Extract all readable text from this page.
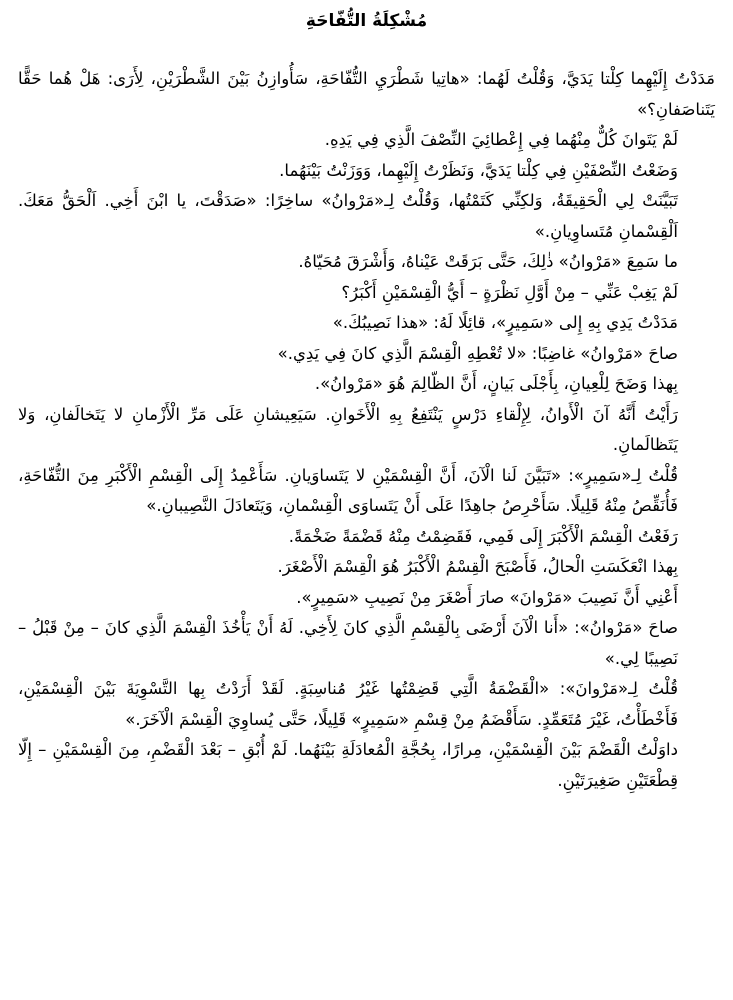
مُشْكِلَةُ التُّفّاحَةِ

مَدَدْتُ إِلَيْهِما كِلْتا يَدَيَّ، وَقُلْتُ لَهُما: «هاتِيا شَطْرَيِ التُّفّاحَةِ، سَأُوازِنُ بَيْنَ الشَّطْرَيْنِ، لِأَرَى: هَلْ هُما حَقًّا يَتَناصَفانِ؟»

لَمْ يَتَوانَ كُلٌّ مِنْهُما فِي إِعْطائِيَ النِّصْفَ الَّذِي فِي يَدِهِ.

وَضَعْتُ النِّصْفَيْنِ فِي كِلْتا يَدَيَّ، وَنَظَرْتُ إِلَيْهِما، وَوَزَنْتُ بَيْنَهُما.

تَبَيَّنَتْ لِي الْحَقِيقَةُ، وَلكِنِّي كَتَمْتُها، وَقُلْتُ لِـ«مَرْوانُ» ساخِرًا: «صَدَقْتَ، يا ابْنَ أَخِي. اَلْحَقُّ مَعَكَ. اَلْقِسْمانِ مُتَساوِيانِ.»

ما سَمِعَ «مَرْوانُ» ذٰلِكَ، حَتَّى بَرَقَتْ عَيْناهُ، وَأَشْرَقَ مُحَيّاهُ.

لَمْ يَغِبْ عَنِّي – مِنْ أَوَّلِ نَظْرَةٍ – أَيُّ الْقِسْمَيْنِ أَكْبَرُ؟

مَدَدْتُ يَدِي بِهِ إِلى «سَمِيرٍ»، قائِلًا لَهُ: «هذا نَصِيبُكَ.»

صاحَ «مَرْوانُ» غاضِبًا: «لا تُعْطِهِ الْقِسْمَ الَّذِي كانَ فِي يَدِي.»

بِهذا وَضَحَ لِلْعِيانِ، بِأَجْلَى بَيانٍ، أَنَّ الظّالِمَ هُوَ «مَرْوانُ».

رَأَيْتُ أَنَّهُ آنَ الْأَوانُ، لِإِلْقاءِ دَرْسٍ يَنْتَفِعُ بِهِ الْأَخَوانِ. سَيَعِيشانِ عَلَى مَرِّ الْأَزْمانِ لا يَتَخالَفانِ، وَلا يَتَظالَمانِ.

قُلْتُ لِـ«سَمِيرٍ»: «تَبَيَّنَ لَنا الْآنَ، أَنَّ الْقِسْمَيْنِ لا يَتَساوَيانِ. سَأَعْمِدُ إِلَى الْقِسْمِ الْأَكْبَرِ مِنَ التُّفّاحَةِ، فَأُنَقِّصُ مِنْهُ قَلِيلًا. سَأَحْرِصُ جاهِدًا عَلَى أَنْ يَتَساوَى الْقِسْمانِ، وَيَتَعادَلَ النَّصِيبانِ.»

رَفَعْتُ الْقِسْمَ الْأَكْبَرَ إِلَى فَمِي، فَقَضِمْتُ مِنْهُ قَضْمَةً ضَخْمَةً.

بِهذا انْعَكَسَتِ الْحالُ، فَأَصْبَحَ الْقِسْمُ الْأَكْبَرُ هُوَ الْقِسْمَ الْأَصْغَرَ.

أَعْنِي أَنَّ نَصِيبَ «مَرْوانَ» صارَ أَصْغَرَ مِنْ نَصِيبِ «سَمِيرٍ».

صاحَ «مَرْوانُ»: «أَنا الْآنَ أَرْضَى بِالْقِسْمِ الَّذِي كانَ لِأَخِي. لَهُ أَنْ يَأْخُذَ الْقِسْمَ الَّذِي كانَ – مِنْ قَبْلُ – نَصِيبًا لِي.»

قُلْتُ لِـ«مَرْوانَ»: «الْقَضْمَةُ الَّتِي قَضِمْتُها غَيْرُ مُناسِبَةٍ. لَقَدْ أَرَدْتُ بِها التَّسْوِيَةَ بَيْنَ الْقِسْمَيْنِ، فَأَخْطَأْتُ، غَيْرَ مُتَعَمِّدٍ. سَأَقْضَمُ مِنْ قِسْمِ «سَمِيرٍ» قَلِيلًا، حَتَّى يُساوِيَ الْقِسْمَ الْآخَرَ.»

داوَلْتُ الْقَضْمَ بَيْنَ الْقِسْمَيْنِ، مِرارًا، بِحُجَّةِ الْمُعادَلَةِ بَيْنَهُما. لَمْ أُبْقِ – بَعْدَ الْقَضْمِ، مِنَ الْقِسْمَيْنِ – إِلّا قِطْعَتَيْنِ صَغِيرَتَيْنِ.
